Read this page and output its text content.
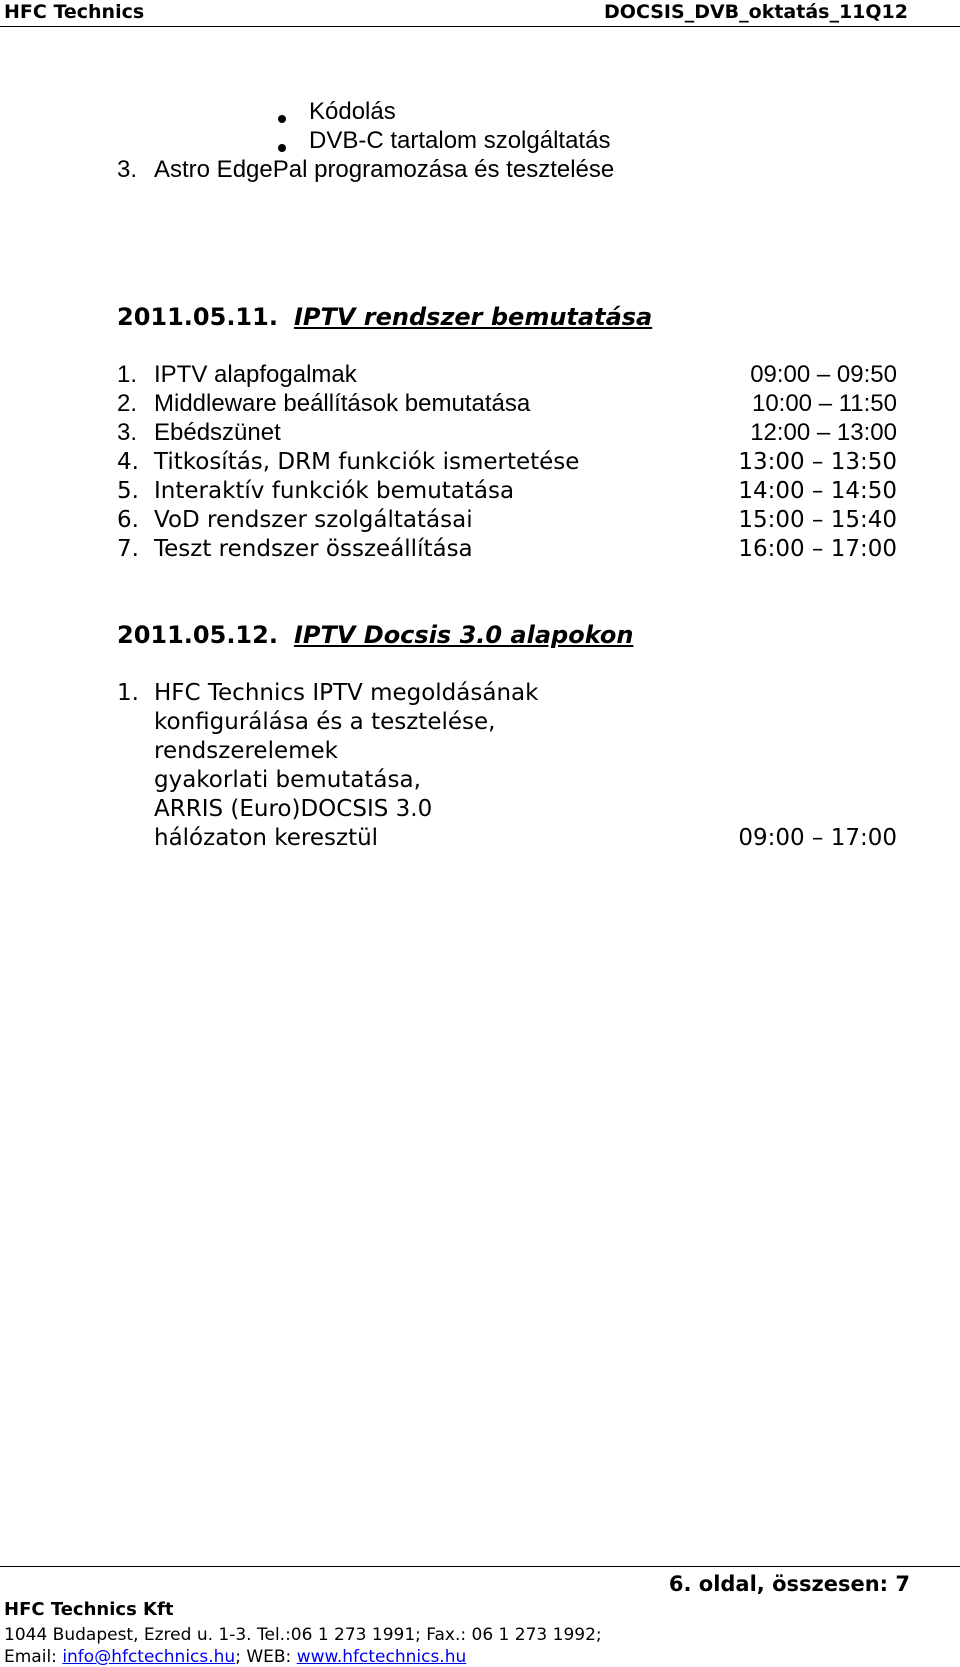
HFC Technics	DOCSIS_DVB_oktatás_11Q12
Kódolás
DVB-C tartalom szolgáltatás
3. Astro EdgePal programozása és tesztelése
2011.05.11. IPTV rendszer bemutatása
1. IPTV alapfogalmak	09:00 – 09:50
2. Middleware beállítások bemutatása	10:00 – 11:50
3. Ebédszünet	12:00 – 13:00
4. Titkosítás, DRM funkciók ismertetése	13:00 – 13:50
5. Interaktív funkciók bemutatása	14:00 – 14:50
6. VoD rendszer szolgáltatásai	15:00 – 15:40
7. Teszt rendszer összeállítása	16:00 – 17:00
2011.05.12. IPTV Docsis 3.0 alapokon
1. HFC Technics IPTV megoldásának
konfigurálása és a tesztelése,
rendszerelemek
gyakorlati bemutatása,
ARRIS (Euro)DOCSIS 3.0
hálózaton keresztül	09:00 – 17:00
6. oldal, összesen: 7
HFC Technics Kft
1044 Budapest, Ezred u. 1-3. Tel.:06 1 273 1991; Fax.: 06 1 273 1992;
Email: info@hfctechnics.hu; WEB: www.hfctechnics.hu
